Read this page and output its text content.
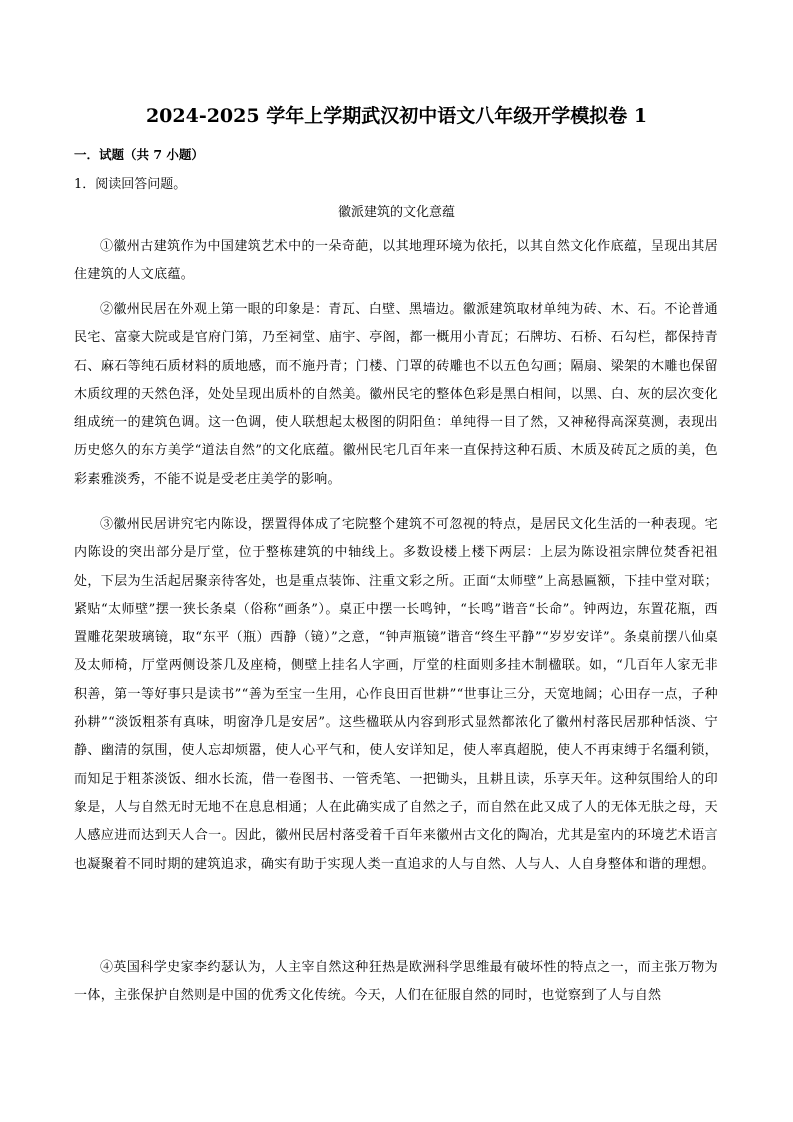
2024-2025 学年上学期武汉初中语文八年级开学模拟卷 1
一．试题（共 7 小题）
1．阅读回答问题。
徽派建筑的文化意蕴

①徽州古建筑作为中国建筑艺术中的一朵奇葩，以其地理环境为依托，以其自然文化作底蕴，呈现出其居住建筑的人文底蕴。

②徽州民居在外观上第一眼的印象是：青瓦、白壁、黑墙边。徽派建筑取材单纯为砖、木、石。不论普通民宅、富豪大院或是官府门第，乃至祠堂、庙宇、亭阁，都一概用小青瓦；石牌坊、石桥、石勾栏，都保持青石、麻石等纯石质材料的质地感，而不施丹青；门楼、门罩的砖雕也不以五色勾画；隔扇、梁架的木雕也保留木质纹理的天然色泽，处处呈现出质朴的自然美。徽州民宅的整体色彩是黑白相间，以黑、白、灰的层次变化组成统一的建筑色调。这一色调，使人联想起太极图的阴阳鱼：单纯得一目了然，又神秘得高深莫测，表现出历史悠久的东方美学“道法自然”的文化底蕴。徽州民宅几百年来一直保持这种石质、木质及砖瓦之质的美，色彩素雅淡秀，不能不说是受老庄美学的影响。

③徽州民居讲究宅内陈设，摆置得体成了宅院整个建筑不可忽视的特点，是居民文化生活的一种表现。宅内陈设的突出部分是厅堂，位于整栋建筑的中轴线上。多数设楼上楼下两层：上层为陈设祖宗牌位焚香祀祖处，下层为生活起居聚亲待客处，也是重点装饰、注重文彩之所。正面“太师壁”上高悬匾额，下挂中堂对联；紧贴“太师壁”摆一狭长条桌（俗称“画条”）。桌正中摆一长鸣钟，“长鸣”谐音“长命”。钟两边，东置花瓶，西置雕花架玻璃镜，取“东平（瓶）西静（镜）”之意，“钟声瓶镜”谐音“终生平静”“岁岁安详”。条桌前摆八仙桌及太师椅，厅堂两侧设茶几及座椅，侧壁上挂名人字画，厅堂的柱面则多挂木制楹联。如，“几百年人家无非积善，第一等好事只是读书”“善为至宝一生用，心作良田百世耕”“世事让三分，天宽地阔；心田存一点，子种孙耕”“淡饭粗茶有真味，明窗净几是安居”。这些楹联从内容到形式显然都浓化了徽州村落民居那种恬淡、宁静、幽清的氛围，使人忘却烦嚣，使人心平气和，使人安详知足，使人率真超脱，使人不再束缚于名缰利锁，而知足于粗茶淡饭、细水长流，借一卷图书、一管秃笔、一把锄头，且耕且读，乐享天年。这种氛围给人的印象是，人与自然无时无地不在息息相通；人在此确实成了自然之子，而自然在此又成了人的无体无肤之母，天人感应进而达到天人合一。因此，徽州民居村落受着千百年来徽州古文化的陶冶，尤其是室内的环境艺术语言也凝聚着不同时期的建筑追求，确实有助于实现人类一直追求的人与自然、人与人、人自身整体和谐的理想。

④英国科学史家李约瑟认为，人主宰自然这种狂热是欧洲科学思维最有破坏性的特点之一，而主张万物为一体，主张保护自然则是中国的优秀文化传统。今天，人们在征服自然的同时，也觉察到了人与自然
